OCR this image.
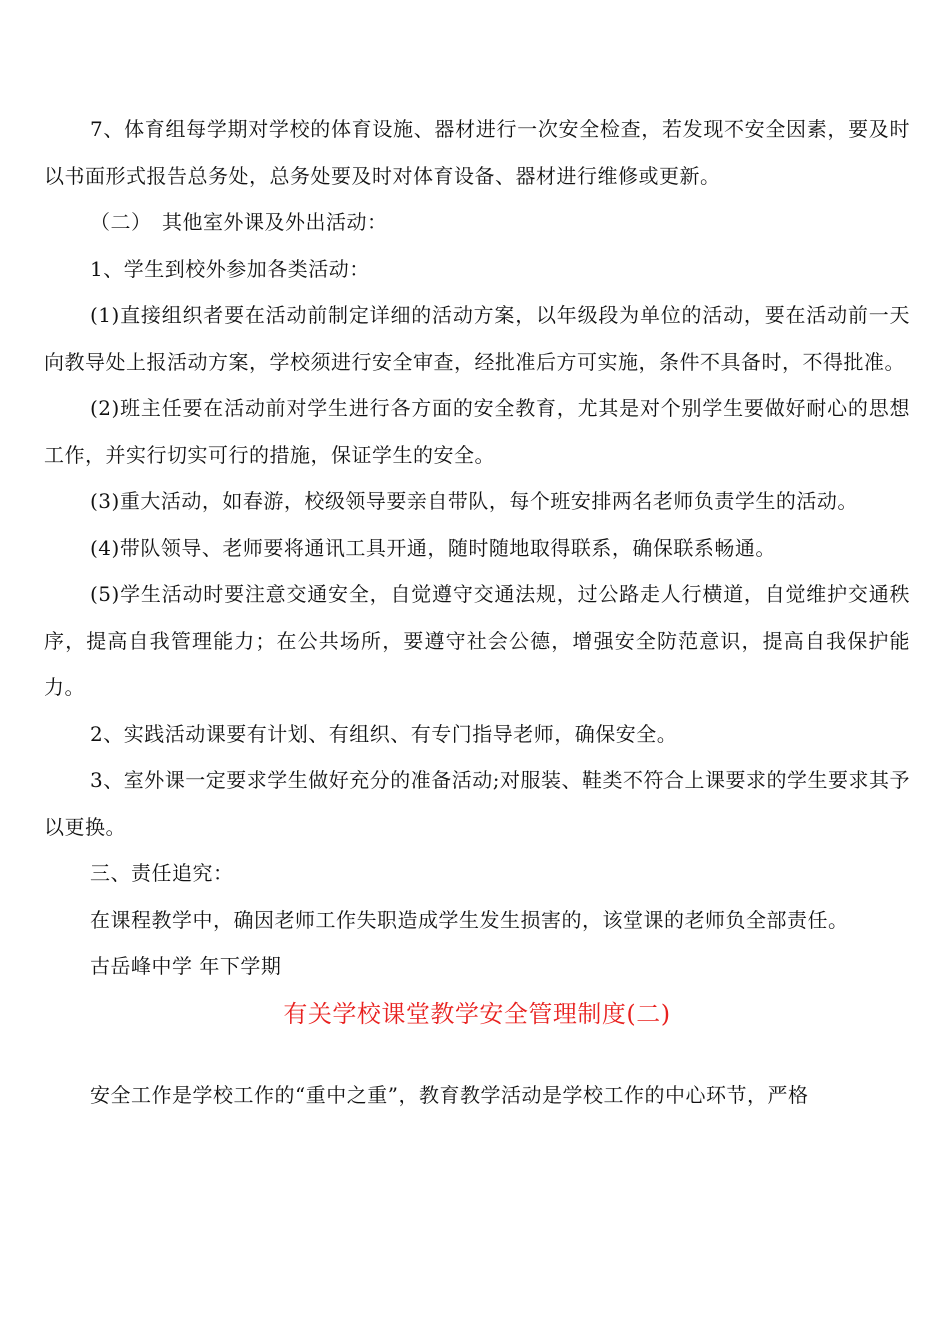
7、体育组每学期对学校的体育设施、器材进行一次安全检查，若发现不安全因素，要及时以书面形式报告总务处，总务处要及时对体育设备、器材进行维修或更新。

（二）　其他室外课及外出活动：

1、学生到校外参加各类活动：

(1)直接组织者要在活动前制定详细的活动方案，以年级段为单位的活动，要在活动前一天向教导处上报活动方案，学校须进行安全审查，经批准后方可实施，条件不具备时，不得批准。

(2)班主任要在活动前对学生进行各方面的安全教育，尤其是对个别学生要做好耐心的思想工作，并实行切实可行的措施，保证学生的安全。

(3)重大活动，如春游，校级领导要亲自带队，每个班安排两名老师负责学生的活动。

(4)带队领导、老师要将通讯工具开通，随时随地取得联系，确保联系畅通。

(5)学生活动时要注意交通安全，自觉遵守交通法规，过公路走人行横道，自觉维护交通秩序，提高自我管理能力；在公共场所，要遵守社会公德，增强安全防范意识，提高自我保护能力。

2、实践活动课要有计划、有组织、有专门指导老师，确保安全。

3、室外课一定要求学生做好充分的准备活动;对服装、鞋类不符合上课要求的学生要求其予以更换。

三、责任追究：

在课程教学中，确因老师工作失职造成学生发生损害的，该堂课的老师负全部责任。

古岳峰中学 年下学期

有关学校课堂教学安全管理制度(二)

安全工作是学校工作的“重中之重”，教育教学活动是学校工作的中心环节，严格
